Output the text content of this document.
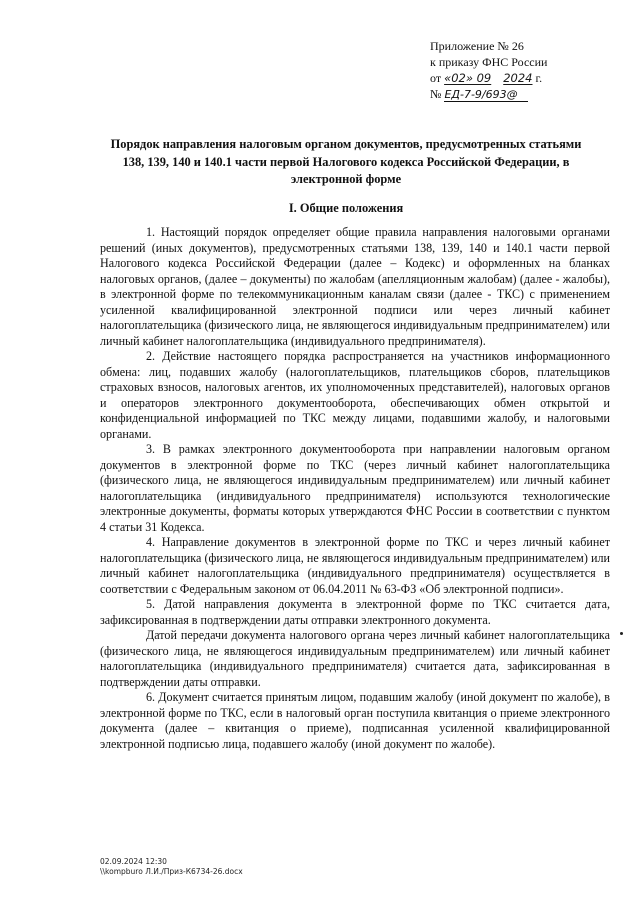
Приложение № 26
к приказу ФНС России
от «02» 09 2024 г.
№ ЕД-7-9/693@
Порядок направления налоговым органом документов, предусмотренных статьями 138, 139, 140 и 140.1 части первой Налогового кодекса Российской Федерации, в электронной форме
I. Общие положения

1. Настоящий порядок определяет общие правила направления налоговыми органами решений (иных документов), предусмотренных статьями 138, 139, 140 и 140.1 части первой Налогового кодекса Российской Федерации (далее – Кодекс) и оформленных на бланках налоговых органов, (далее – документы) по жалобам (апелляционным жалобам) (далее - жалобы), в электронной форме по телекоммуникационным каналам связи (далее - ТКС) с применением усиленной квалифицированной электронной подписи или через личный кабинет налогоплательщика (физического лица, не являющегося индивидуальным предпринимателем) или личный кабинет налогоплательщика (индивидуального предпринимателя).

2. Действие настоящего порядка распространяется на участников информационного обмена: лиц, подавших жалобу (налогоплательщиков, плательщиков сборов, плательщиков страховых взносов, налоговых агентов, их уполномоченных представителей), налоговых органов и операторов электронного документооборота, обеспечивающих обмен открытой и конфиденциальной информацией по ТКС между лицами, подавшими жалобу, и налоговыми органами.

3. В рамках электронного документооборота при направлении налоговым органом документов в электронной форме по ТКС (через личный кабинет налогоплательщика (физического лица, не являющегося индивидуальным предпринимателем) или личный кабинет налогоплательщика (индивидуального предпринимателя) используются технологические электронные документы, форматы которых утверждаются ФНС России в соответствии с пунктом 4 статьи 31 Кодекса.

4. Направление документов в электронной форме по ТКС и через личный кабинет налогоплательщика (физического лица, не являющегося индивидуальным предпринимателем) или личный кабинет налогоплательщика (индивидуального предпринимателя) осуществляется в соответствии с Федеральным законом от 06.04.2011 № 63-ФЗ «Об электронной подписи».

5. Датой направления документа в электронной форме по ТКС считается дата, зафиксированная в подтверждении даты отправки электронного документа.

Датой передачи документа налогового органа через личный кабинет налогоплательщика (физического лица, не являющегося индивидуальным предпринимателем) или личный кабинет налогоплательщика (индивидуального предпринимателя) считается дата, зафиксированная в подтверждении даты отправки.

6. Документ считается принятым лицом, подавшим жалобу (иной документ по жалобе), в электронной форме по ТКС, если в налоговый орган поступила квитанция о приеме электронного документа (далее – квитанция о приеме), подписанная усиленной квалифицированной электронной подписью лица, подавшего жалобу (иной документ по жалобе).

02.09.2024 12:30
\\kompburo Л.И./Приз-К6734-26.docx
